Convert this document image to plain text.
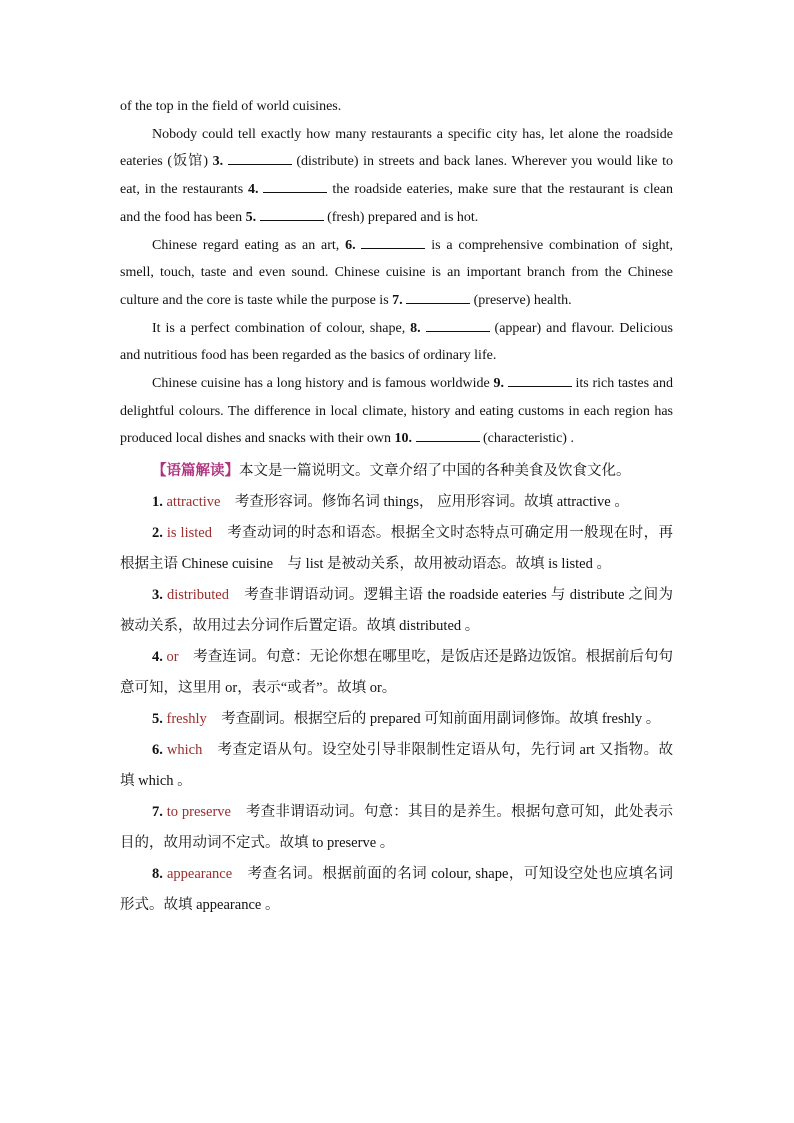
of the top in the field of world cuisines.

Nobody could tell exactly how many restaurants a specific city has, let alone the roadside eateries (饭馆) 3.	(distribute) in streets and back lanes. Wherever you would like to eat, in the restaurants 4.	the roadside eateries, make sure that the restaurant is clean and the food has been 5.	(fresh) prepared and is hot.

Chinese regard eating as an art, 6.	is a comprehensive combination of sight, smell, touch, taste and even sound. Chinese cuisine is an important branch from the Chinese culture and the core is taste while the purpose is 7.	(preserve) health.

It is a perfect combination of colour, shape, 8.	(appear) and flavour. Delicious and nutritious food has been regarded as the basics of ordinary life.

Chinese cuisine has a long history and is famous worldwide 9.	its rich tastes and delightful colours. The difference in local climate, history and eating customs in each region has produced local dishes and snacks with their own 10.	(characteristic) .

【语篇解读】本文是一篇说明文。文章介绍了中国的各种美食及饮食文化。

1. attractive　考查形容词。修饰名词 things， 应用形容词。故填 attractive 。

2. is listed　考查动词的时态和语态。根据全文时态特点可确定用一般现在时，再根据主语 Chinese cuisine　与 list 是被动关系，故用被动语态。故填 is listed 。

3. distributed　考查非谓语动词。逻辑主语 the roadside eateries 与 distribute 之间为被动关系，故用过去分词作后置定语。故填 distributed 。

4. or　考查连词。句意：无论你想在哪里吃，是饭店还是路边饭馆。根据前后句句意可知，这里用 or，表示“或者”。故填 or。

5. freshly　考查副词。根据空后的 prepared 可知前面用副词修饰。故填 freshly 。

6. which　考查定语从句。设空处引导非限制性定语从句，先行词 art 又指物。故填 which 。

7. to preserve　考查非谓语动词。句意：其目的是养生。根据句意可知，此处表示目的，故用动词不定式。故填 to preserve 。

8. appearance　考查名词。根据前面的名词 colour, shape，可知设空处也应填名词形式。故填 appearance 。
